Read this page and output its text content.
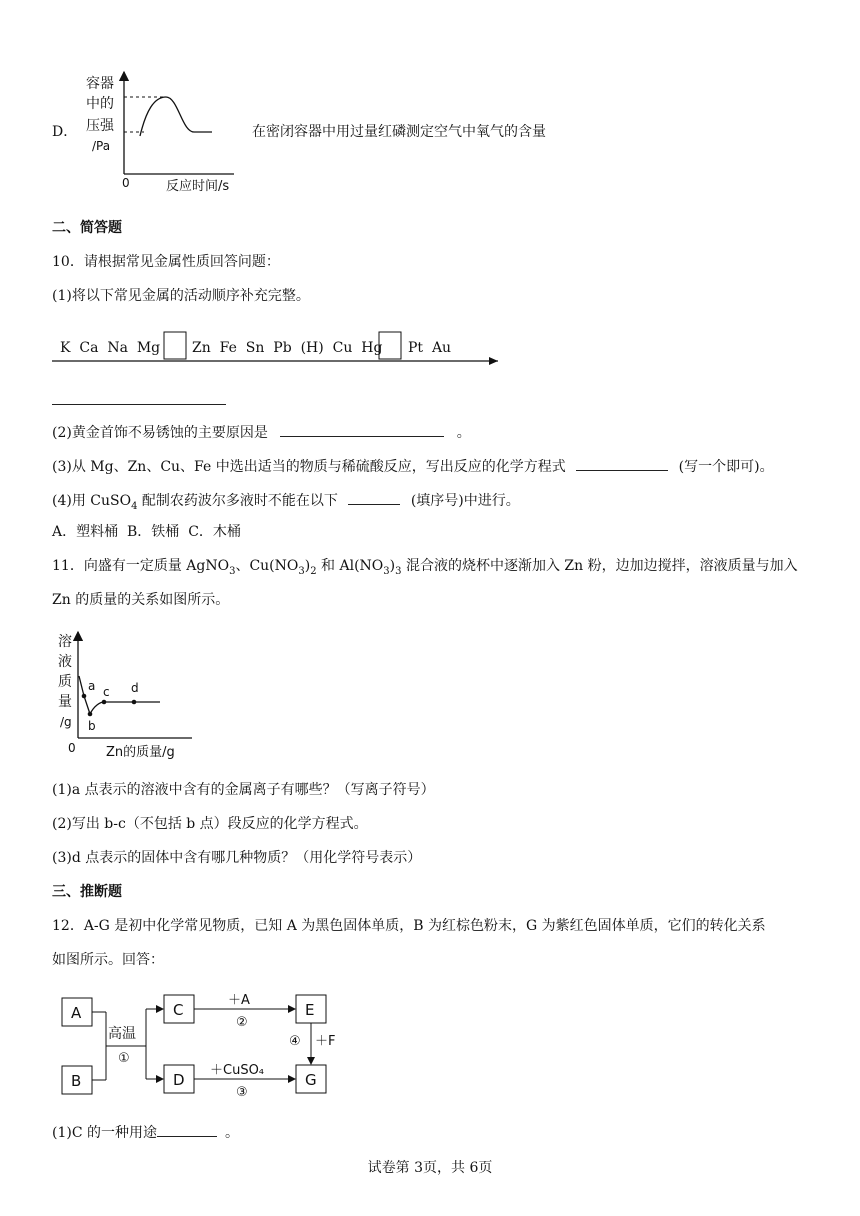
容器
中的
压强
/Pa
0	反应时间/s
D．	在密闭容器中用过量红磷测定空气中氧气的含量
二、简答题
10．请根据常见金属性质回答问题：
(1)将以下常见金属的活动顺序补充完整。
K  Ca  Na  Mg Zn  Fe  Sn  Pb  (H)  Cu  Hg Pt  Au
(2)黄金首饰不易锈蚀的主要原因是	。
(3)从 Mg、Zn、Cu、Fe 中选出适当的物质与稀硫酸反应，写出反应的化学方程式	(写一个即可)。
(4)用 CuSO$_4$ 配制农药波尔多液时不能在以下	(填序号)中进行。
A．塑料桶  B．铁桶  C．木桶
11．向盛有一定质量 AgNO$_3$、$Cu(NO_3)_2$ 和 $Al(NO_3)_3$ 混合液的烧杯中逐渐加入 Zn 粉，边加边搅拌，溶液质量与加入
Zn 的质量的关系如图所示。
a
b
c d
溶
液
质
量
/g
0 Zn的质量/g
(1)a 点表示的溶液中含有的金属离子有哪些？（写离子符号）
(2)写出 b-c（不包括 b 点）段反应的化学方程式。
(3)d 点表示的固体中含有哪几种物质？（用化学符号表示）
三、推断题
12．A-G 是初中化学常见物质，已知 A 为黑色固体单质，B 为红棕色粉末，G 为紫红色固体单质，它们的转化关系
如图所示。回答：
A
B
C
D
E
G
高温
①
＋A
②
＋CuSO₄
③
④ ＋F
(1)C 的一种用途	。
试卷第 3页，共 6页
